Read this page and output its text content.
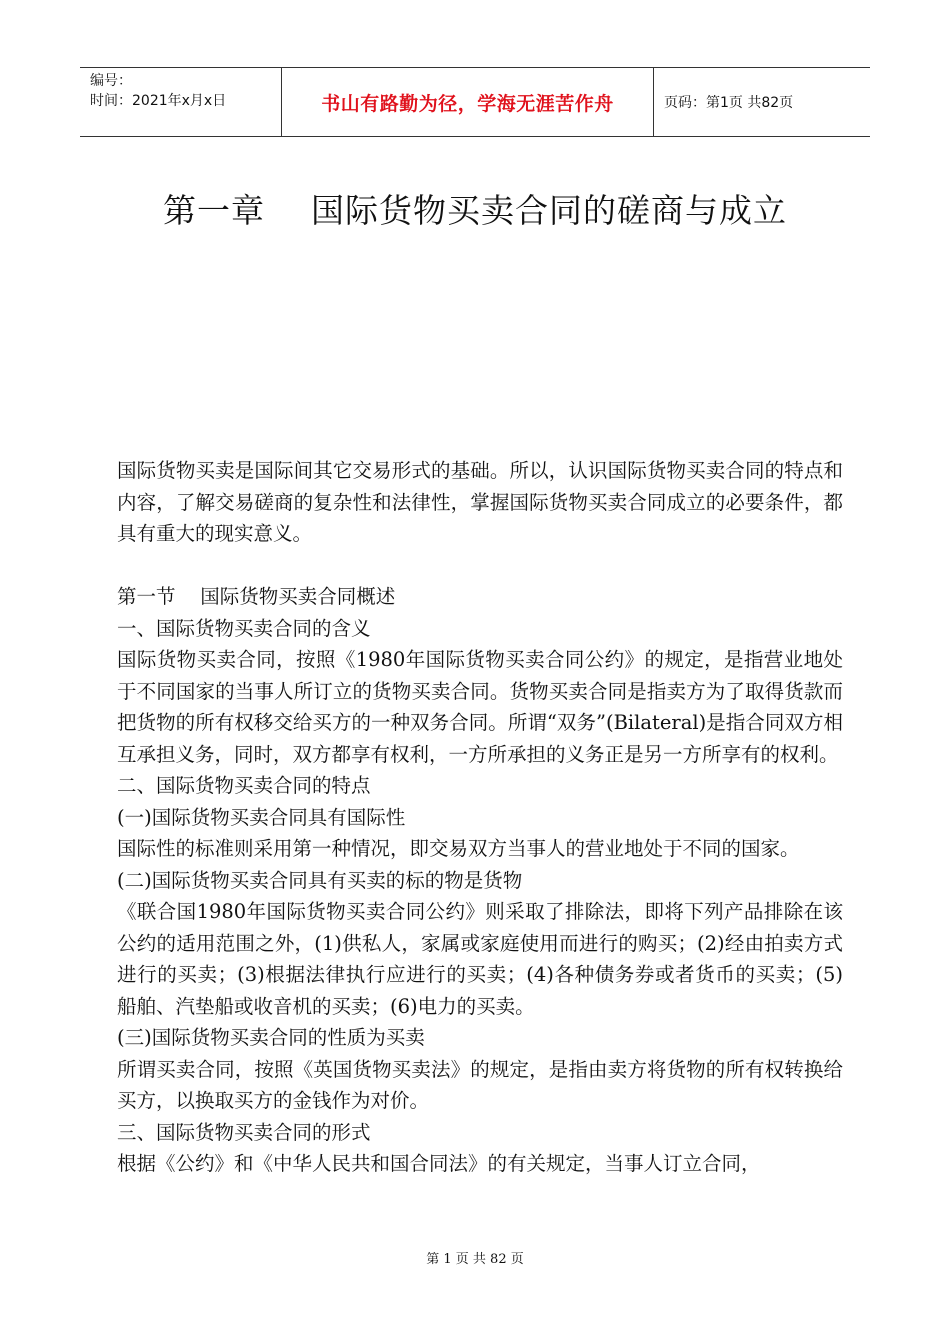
编号：
时间：2021年x月x日	书山有路勤为径，学海无涯苦作舟	页码：第1页 共82页
第一章    国际货物买卖合同的磋商与成立

国际货物买卖是国际间其它交易形式的基础。所以，认识国际货物买卖合同的特点和内容，了解交易磋商的复杂性和法律性，掌握国际货物买卖合同成立的必要条件，都具有重大的现实意义。

第一节    国际货物买卖合同概述

一、国际货物买卖合同的含义

国际货物买卖合同，按照《1980年国际货物买卖合同公约》的规定，是指营业地处于不同国家的当事人所订立的货物买卖合同。货物买卖合同是指卖方为了取得货款而把货物的所有权移交给买方的一种双务合同。所谓“双务”(Bilateral)是指合同双方相互承担义务，同时，双方都享有权利，一方所承担的义务正是另一方所享有的权利。

二、国际货物买卖合同的特点

(一)国际货物买卖合同具有国际性

国际性的标准则采用第一种情况，即交易双方当事人的营业地处于不同的国家。

(二)国际货物买卖合同具有买卖的标的物是货物

《联合国1980年国际货物买卖合同公约》则采取了排除法，即将下列产品排除在该公约的适用范围之外，(1)供私人，家属或家庭使用而进行的购买；(2)经由拍卖方式进行的买卖；(3)根据法律执行应进行的买卖；(4)各种债务券或者货币的买卖；(5)船舶、汽垫船或收音机的买卖；(6)电力的买卖。

(三)国际货物买卖合同的性质为买卖

所谓买卖合同，按照《英国货物买卖法》的规定，是指由卖方将货物的所有权转换给买方，以换取买方的金钱作为对价。

三、国际货物买卖合同的形式

根据《公约》和《中华人民共和国合同法》的有关规定，当事人订立合同，

第 1 页 共 82 页
